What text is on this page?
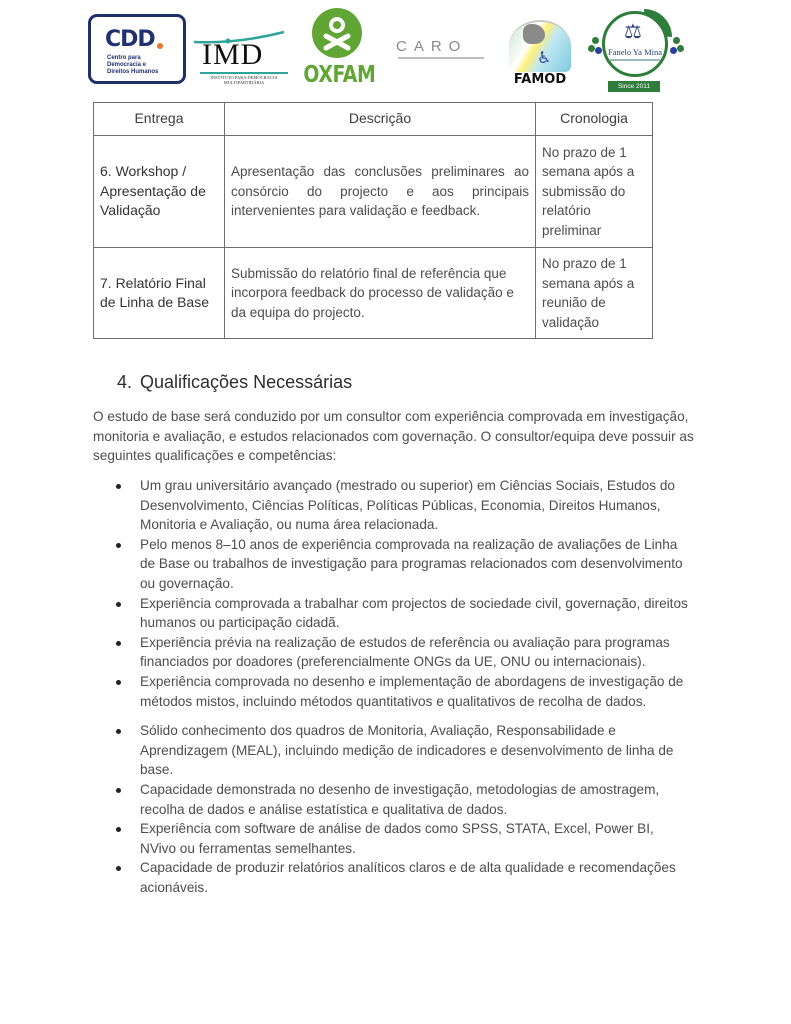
CDD
Centro para
Democracia e
Direitos Humanos
IMD
INSTITUTO PARA DEMOCRACIA
MULTIPARTIDÁRIA	OXFAM
CARO
♿
FAMOD
⚖
Fanelo Ya Mina
Since 2011
Entrega	Descrição	Cronologia
6. Workshop / Apresentação de Validação	Apresentação das conclusões preliminares ao consórcio do projecto e aos principais intervenientes para validação e feedback.	No prazo de 1 semana após a submissão do relatório preliminar
7. Relatório Final de Linha de Base	Submissão do relatório final de referência que incorpora feedback do processo de validação e da equipa do projecto.	No prazo de 1 semana após a reunião de validação
4. Qualificações Necessárias

O estudo de base será conduzido por um consultor com experiência comprovada em investigação, monitoria e avaliação, e estudos relacionados com governação. O consultor/equipa deve possuir as seguintes qualificações e competências:

Um grau universitário avançado (mestrado ou superior) em Ciências Sociais, Estudos do Desenvolvimento, Ciências Políticas, Políticas Públicas, Economia, Direitos Humanos, Monitoria e Avaliação, ou numa área relacionada.
Pelo menos 8–10 anos de experiência comprovada na realização de avaliações de Linha de Base ou trabalhos de investigação para programas relacionados com desenvolvimento ou governação.
Experiência comprovada a trabalhar com projectos de sociedade civil, governação, direitos humanos ou participação cidadã.
Experiência prévia na realização de estudos de referência ou avaliação para programas financiados por doadores (preferencialmente ONGs da UE, ONU ou internacionais).
Experiência comprovada no desenho e implementação de abordagens de investigação de métodos mistos, incluindo métodos quantitativos e qualitativos de recolha de dados.
Sólido conhecimento dos quadros de Monitoria, Avaliação, Responsabilidade e Aprendizagem (MEAL), incluindo medição de indicadores e desenvolvimento de linha de base.
Capacidade demonstrada no desenho de investigação, metodologias de amostragem, recolha de dados e análise estatística e qualitativa de dados.
Experiência com software de análise de dados como SPSS, STATA, Excel, Power BI, NVivo ou ferramentas semelhantes.
Capacidade de produzir relatórios analíticos claros e de alta qualidade e recomendações acionáveis.
